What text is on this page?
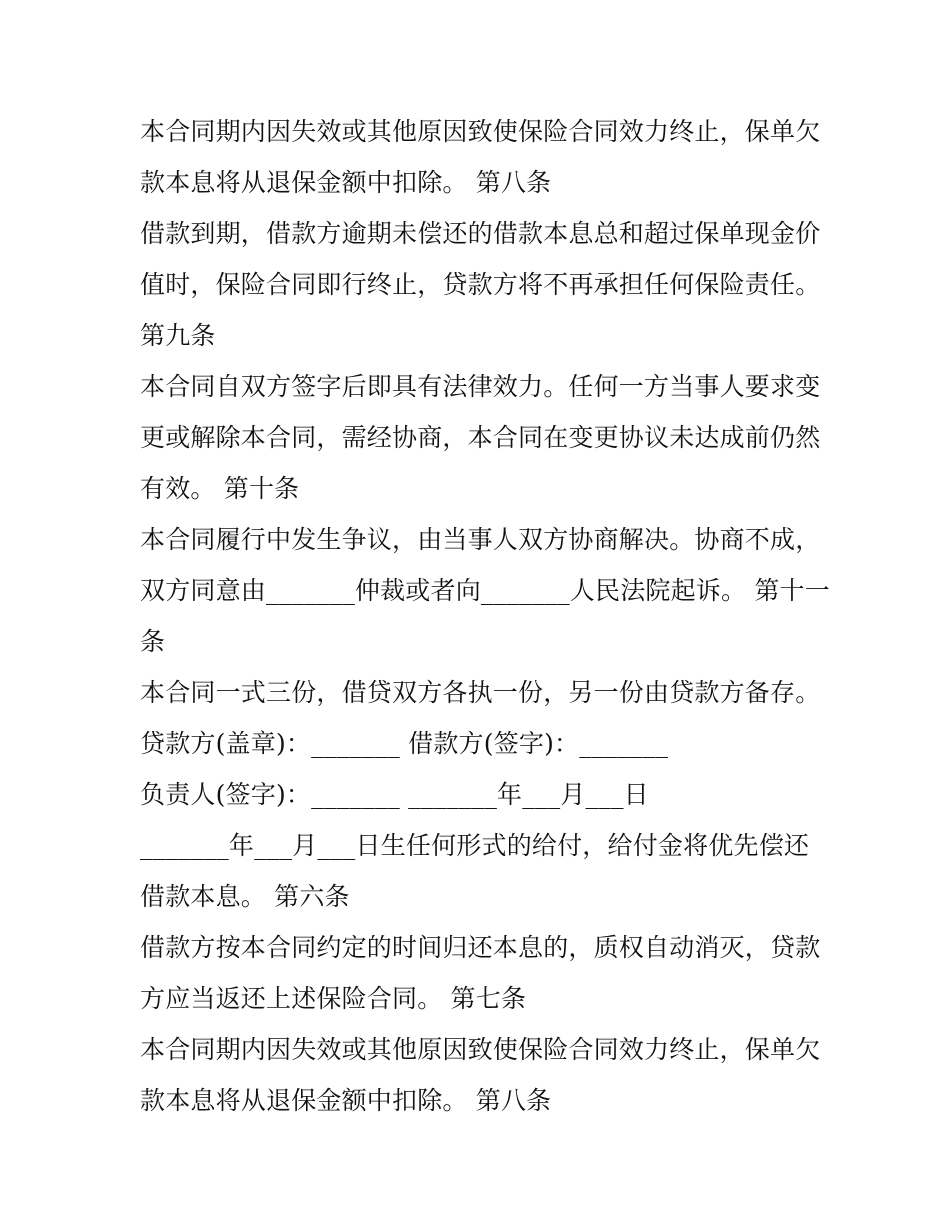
本合同期内因失效或其他原因致使保险合同效力终止，保单欠
款本息将从退保金额中扣除。 第八条
借款到期，借款方逾期未偿还的借款本息总和超过保单现金价
值时，保险合同即行终止，贷款方将不再承担任何保险责任。
第九条
本合同自双方签字后即具有法律效力。任何一方当事人要求变
更或解除本合同，需经协商，本合同在变更协议未达成前仍然
有效。 第十条
本合同履行中发生争议，由当事人双方协商解决。协商不成，
双方同意由_______仲裁或者向_______人民法院起诉。 第十一
条
本合同一式三份，借贷双方各执一份，另一份由贷款方备存。
贷款方(盖章)：_______ 借款方(签字)：_______
负责人(签字)：_______ _______年___月___日
_______年___月___日生任何形式的给付，给付金将优先偿还
借款本息。 第六条
借款方按本合同约定的时间归还本息的，质权自动消灭，贷款
方应当返还上述保险合同。 第七条
本合同期内因失效或其他原因致使保险合同效力终止，保单欠
款本息将从退保金额中扣除。 第八条
